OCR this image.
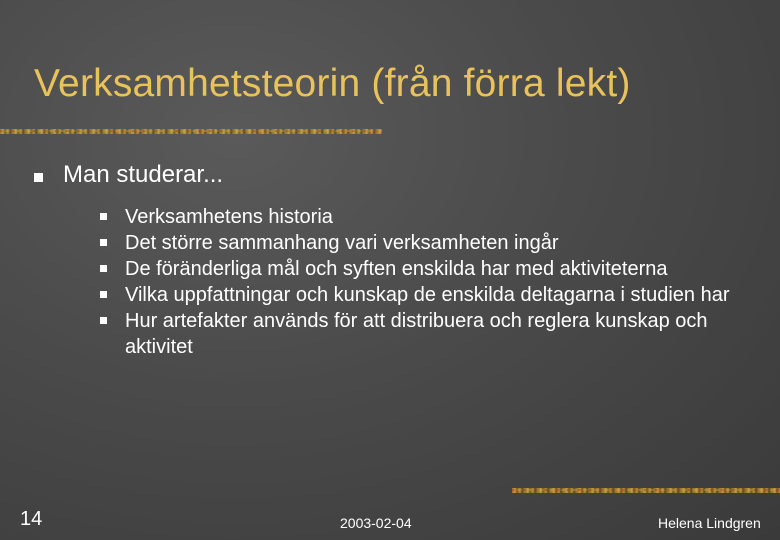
Verksamhetsteorin (från förra lekt)
Man studerar...
Verksamhetens historia
Det större sammanhang vari verksamheten ingår
De föränderliga mål och syften enskilda har med aktiviteterna
Vilka uppfattningar och kunskap de enskilda deltagarna i studien har
Hur artefakter används för att distribuera och reglera kunskap och aktivitet
14	2003-02-04	Helena Lindgren
